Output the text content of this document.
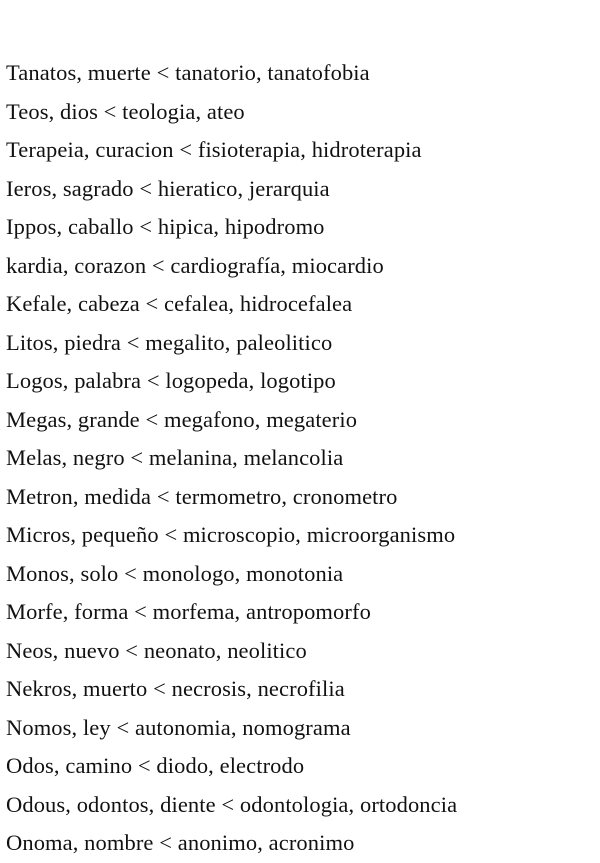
Tanatos, muerte < tanatorio, tanatofobia
Teos, dios < teologia, ateo
Terapeia, curacion < fisioterapia, hidroterapia
Ieros, sagrado < hieratico, jerarquia
Ippos, caballo < hipica, hipodromo
kardia, corazon < cardiografía, miocardio
Kefale, cabeza < cefalea, hidrocefalea
Litos, piedra < megalito, paleolitico
Logos, palabra < logopeda, logotipo
Megas, grande < megafono, megaterio
Melas, negro < melanina, melancolia
Metron, medida < termometro, cronometro
Micros, pequeño < microscopio, microorganismo
Monos, solo < monologo, monotonia
Morfe, forma < morfema, antropomorfo
Neos, nuevo < neonato, neolitico
Nekros, muerto < necrosis, necrofilia
Nomos, ley < autonomia, nomograma
Odos, camino < diodo, electrodo
Odous, odontos, diente < odontologia, ortodoncia
Onoma, nombre < anonimo, acronimo
